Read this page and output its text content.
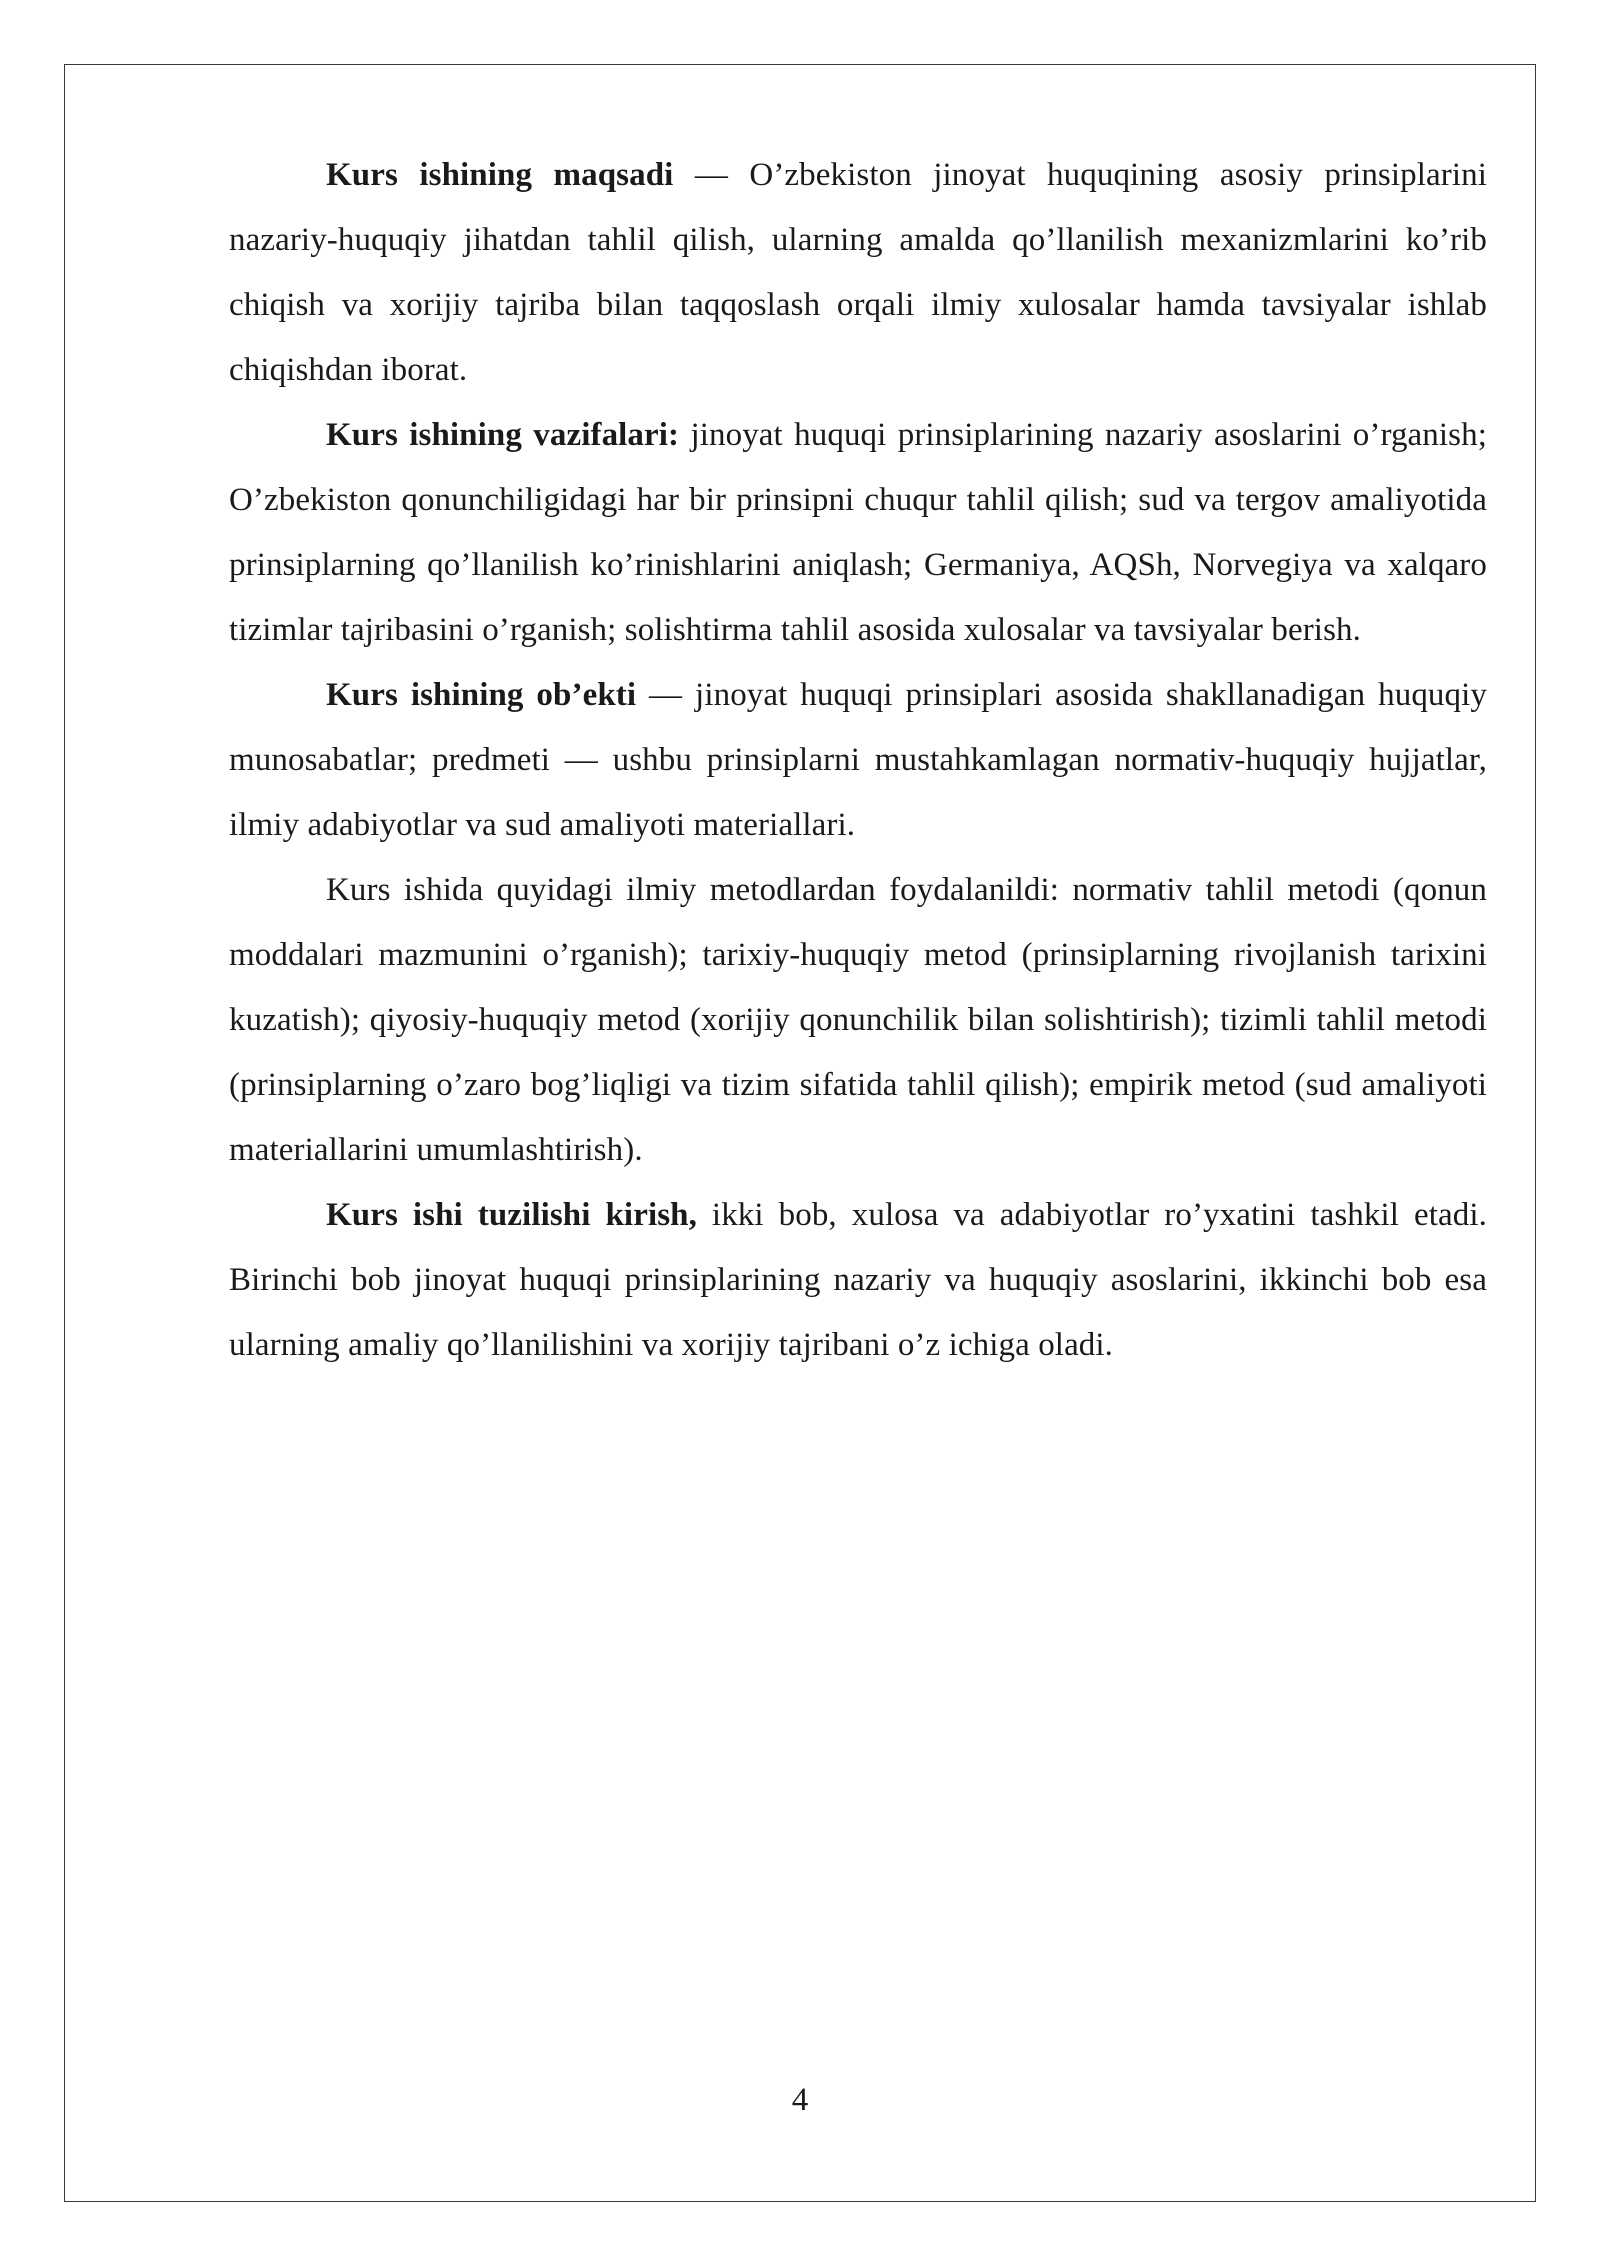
Kurs ishining maqsadi — O’zbekiston jinoyat huquqining asosiy prinsiplarini nazariy-huquqiy jihatdan tahlil qilish, ularning amalda qo’llanilish mexanizmlarini ko’rib chiqish va xorijiy tajriba bilan taqqoslash orqali ilmiy xulosalar hamda tavsiyalar ishlab chiqishdan iborat.

Kurs ishining vazifalari: jinoyat huquqi prinsiplarining nazariy asoslarini o’rganish; O’zbekiston qonunchiligidagi har bir prinsipni chuqur tahlil qilish; sud va tergov amaliyotida prinsiplarning qo’llanilish ko’rinishlarini aniqlash; Germaniya, AQSh, Norvegiya va xalqaro tizimlar tajribasini o’rganish; solishtirma tahlil asosida xulosalar va tavsiyalar berish.

Kurs ishining ob’ekti — jinoyat huquqi prinsiplari asosida shakllanadigan huquqiy munosabatlar; predmeti — ushbu prinsiplarni mustahkamlagan normativ-huquqiy hujjatlar, ilmiy adabiyotlar va sud amaliyoti materiallari.

Kurs ishida quyidagi ilmiy metodlardan foydalanildi: normativ tahlil metodi (qonun moddalari mazmunini o’rganish); tarixiy-huquqiy metod (prinsiplarning rivojlanish tarixini kuzatish); qiyosiy-huquqiy metod (xorijiy qonunchilik bilan solishtirish); tizimli tahlil metodi (prinsiplarning o’zaro bog’liqligi va tizim sifatida tahlil qilish); empirik metod (sud amaliyoti materiallarini umumlashtirish).

Kurs ishi tuzilishi kirish, ikki bob, xulosa va adabiyotlar ro’yxatini tashkil etadi. Birinchi bob jinoyat huquqi prinsiplarining nazariy va huquqiy asoslarini, ikkinchi bob esa ularning amaliy qo’llanilishini va xorijiy tajribani o’z ichiga oladi.

4
